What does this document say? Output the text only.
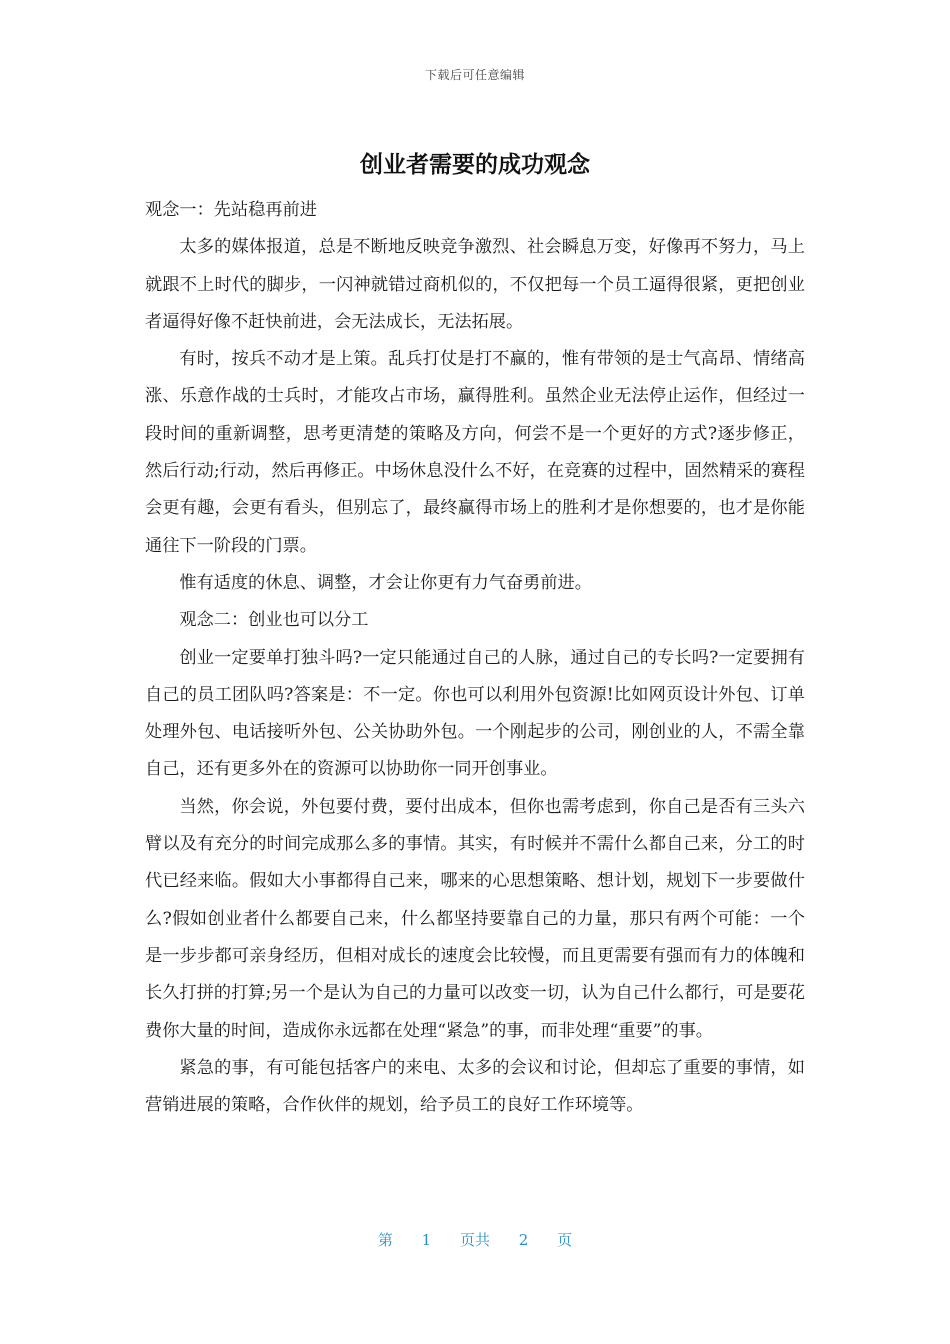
下载后可任意编辑
创业者需要的成功观念

观念一：先站稳再前进

太多的媒体报道，总是不断地反映竞争激烈、社会瞬息万变，好像再不努力，马上就跟不上时代的脚步，一闪神就错过商机似的，不仅把每一个员工逼得很紧，更把创业者逼得好像不赶快前进，会无法成长，无法拓展。

有时，按兵不动才是上策。乱兵打仗是打不赢的，惟有带领的是士气高昂、情绪高涨、乐意作战的士兵时，才能攻占市场，赢得胜利。虽然企业无法停止运作，但经过一段时间的重新调整，思考更清楚的策略及方向，何尝不是一个更好的方式?逐步修正，然后行动;行动，然后再修正。中场休息没什么不好，在竞赛的过程中，固然精采的赛程会更有趣，会更有看头，但别忘了，最终赢得市场上的胜利才是你想要的，也才是你能通往下一阶段的门票。

惟有适度的休息、调整，才会让你更有力气奋勇前进。

观念二：创业也可以分工

创业一定要单打独斗吗?一定只能通过自己的人脉，通过自己的专长吗?一定要拥有自己的员工团队吗?答案是：不一定。你也可以利用外包资源!比如网页设计外包、订单处理外包、电话接听外包、公关协助外包。一个刚起步的公司，刚创业的人，不需全靠自己，还有更多外在的资源可以协助你一同开创事业。

当然，你会说，外包要付费，要付出成本，但你也需考虑到，你自己是否有三头六臂以及有充分的时间完成那么多的事情。其实，有时候并不需什么都自己来，分工的时代已经来临。假如大小事都得自己来，哪来的心思想策略、想计划，规划下一步要做什么?假如创业者什么都要自己来，什么都坚持要靠自己的力量，那只有两个可能：一个是一步步都可亲身经历，但相对成长的速度会比较慢，而且更需要有强而有力的体魄和长久打拼的打算;另一个是认为自己的力量可以改变一切，认为自己什么都行，可是要花费你大量的时间，造成你永远都在处理“紧急”的事，而非处理“重要”的事。

紧急的事，有可能包括客户的来电、太多的会议和讨论，但却忘了重要的事情，如营销进展的策略，合作伙伴的规划，给予员工的良好工作环境等。

第 1 页共 2 页
